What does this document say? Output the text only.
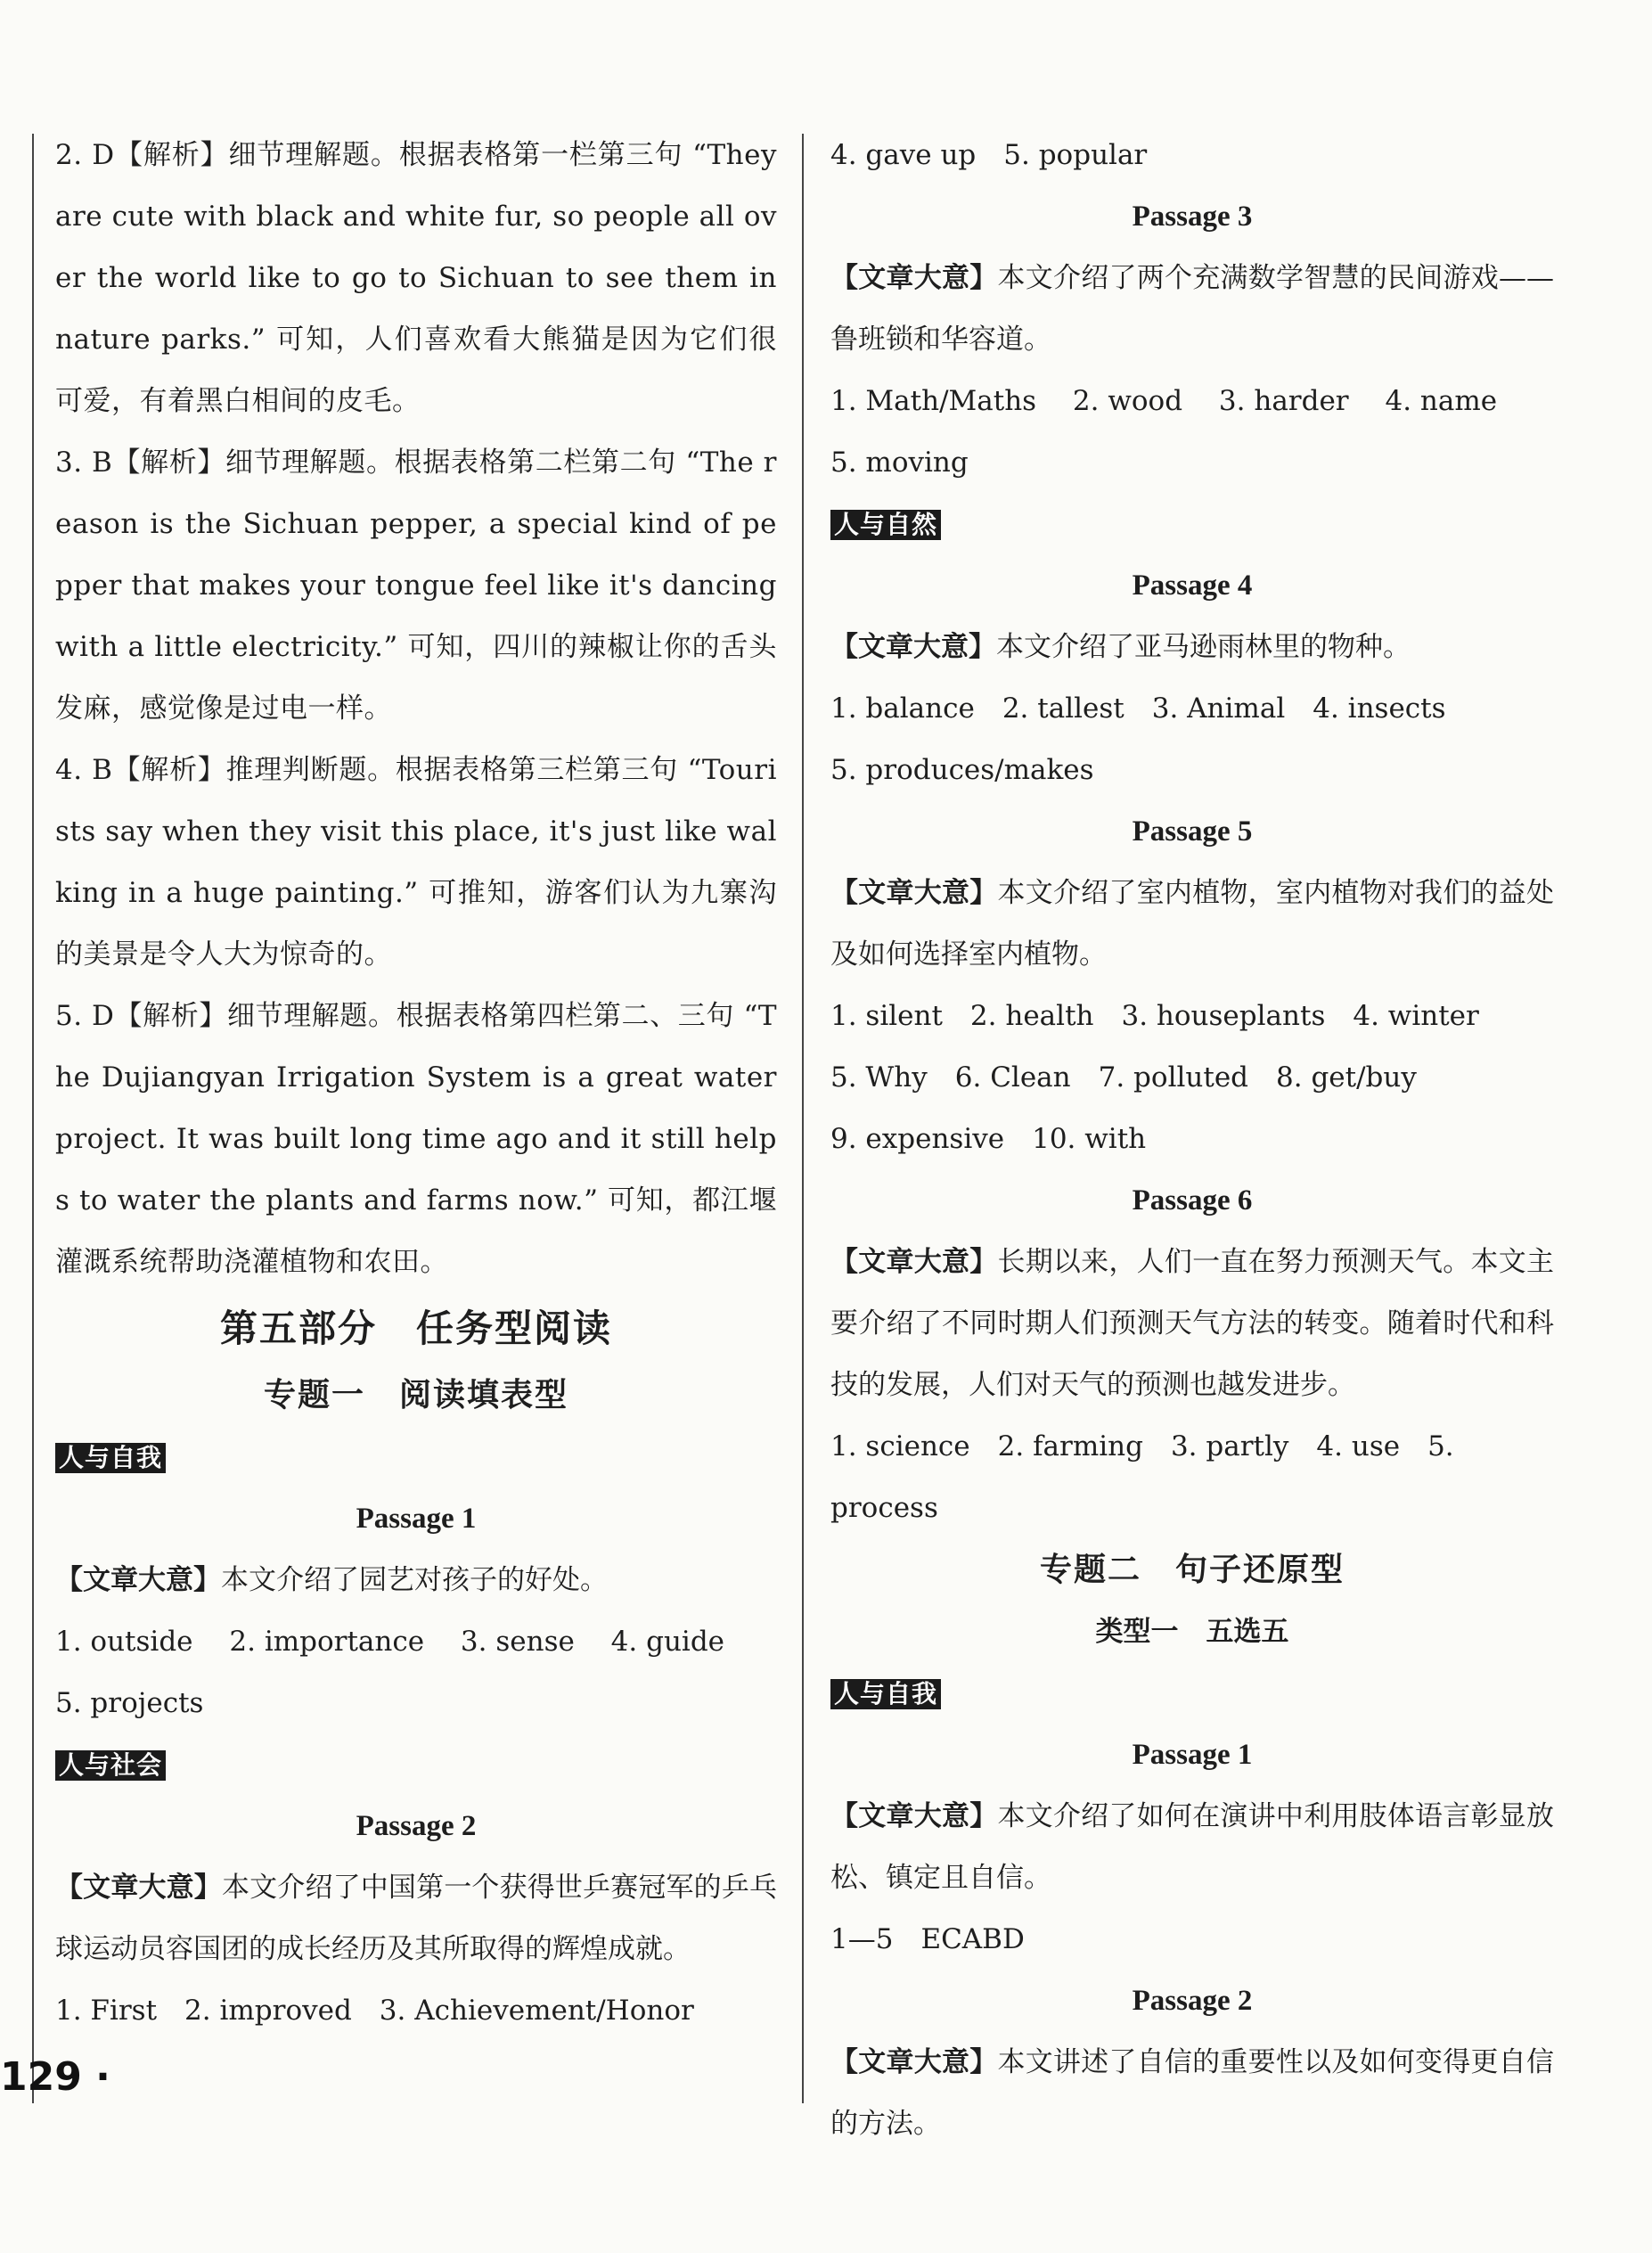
2. D【解析】细节理解题。根据表格第一栏第三句 “They are cute with black and white fur, so people all over the world like to go to Sichuan to see them in nature parks.” 可知，人们喜欢看大熊猫是因为它们很可爱，有着黑白相间的皮毛。

3. B【解析】细节理解题。根据表格第二栏第二句 “The reason is the Sichuan pepper, a special kind of pepper that makes your tongue feel like it's dancing with a little electricity.” 可知，四川的辣椒让你的舌头发麻，感觉像是过电一样。

4. B【解析】推理判断题。根据表格第三栏第三句 “Tourists say when they visit this place, it's just like walking in a huge painting.” 可推知，游客们认为九寨沟的美景是令人大为惊奇的。

5. D【解析】细节理解题。根据表格第四栏第二、三句 “The Dujiangyan Irrigation System is a great water project. It was built long time ago and it still helps to water the plants and farms now.” 可知，都江堰灌溉系统帮助浇灌植物和农田。

第五部分　任务型阅读

专题一　阅读填表型

人与自我

Passage 1

【文章大意】本文介绍了园艺对孩子的好处。

1. outside　 2. importance　 3. sense　 4. guide

5. projects

人与社会

Passage 2

【文章大意】本文介绍了中国第一个获得世乒赛冠军的乒乓球运动员容国团的成长经历及其所取得的辉煌成就。

1. First　2. improved　3. Achievement/Honor

4. gave up　5. popular

Passage 3

【文章大意】本文介绍了两个充满数学智慧的民间游戏——鲁班锁和华容道。

1. Math/Maths　 2. wood　 3. harder　 4. name

5. moving

人与自然

Passage 4

【文章大意】本文介绍了亚马逊雨林里的物种。

1. balance　2. tallest　3. Animal　4. insects

5. produces/makes

Passage 5

【文章大意】本文介绍了室内植物，室内植物对我们的益处及如何选择室内植物。

1. silent　2. health　3. houseplants　4. winter

5. Why　6. Clean　7. polluted　8. get/buy

9. expensive　10. with

Passage 6

【文章大意】长期以来，人们一直在努力预测天气。本文主要介绍了不同时期人们预测天气方法的转变。随着时代和科技的发展，人们对天气的预测也越发进步。

1. science　2. farming　3. partly　4. use　5. process

专题二　句子还原型

类型一　五选五

人与自我

Passage 1

【文章大意】本文介绍了如何在演讲中利用肢体语言彰显放松、镇定且自信。

1—5　ECABD

Passage 2

【文章大意】本文讲述了自信的重要性以及如何变得更自信的方法。

129 ·
